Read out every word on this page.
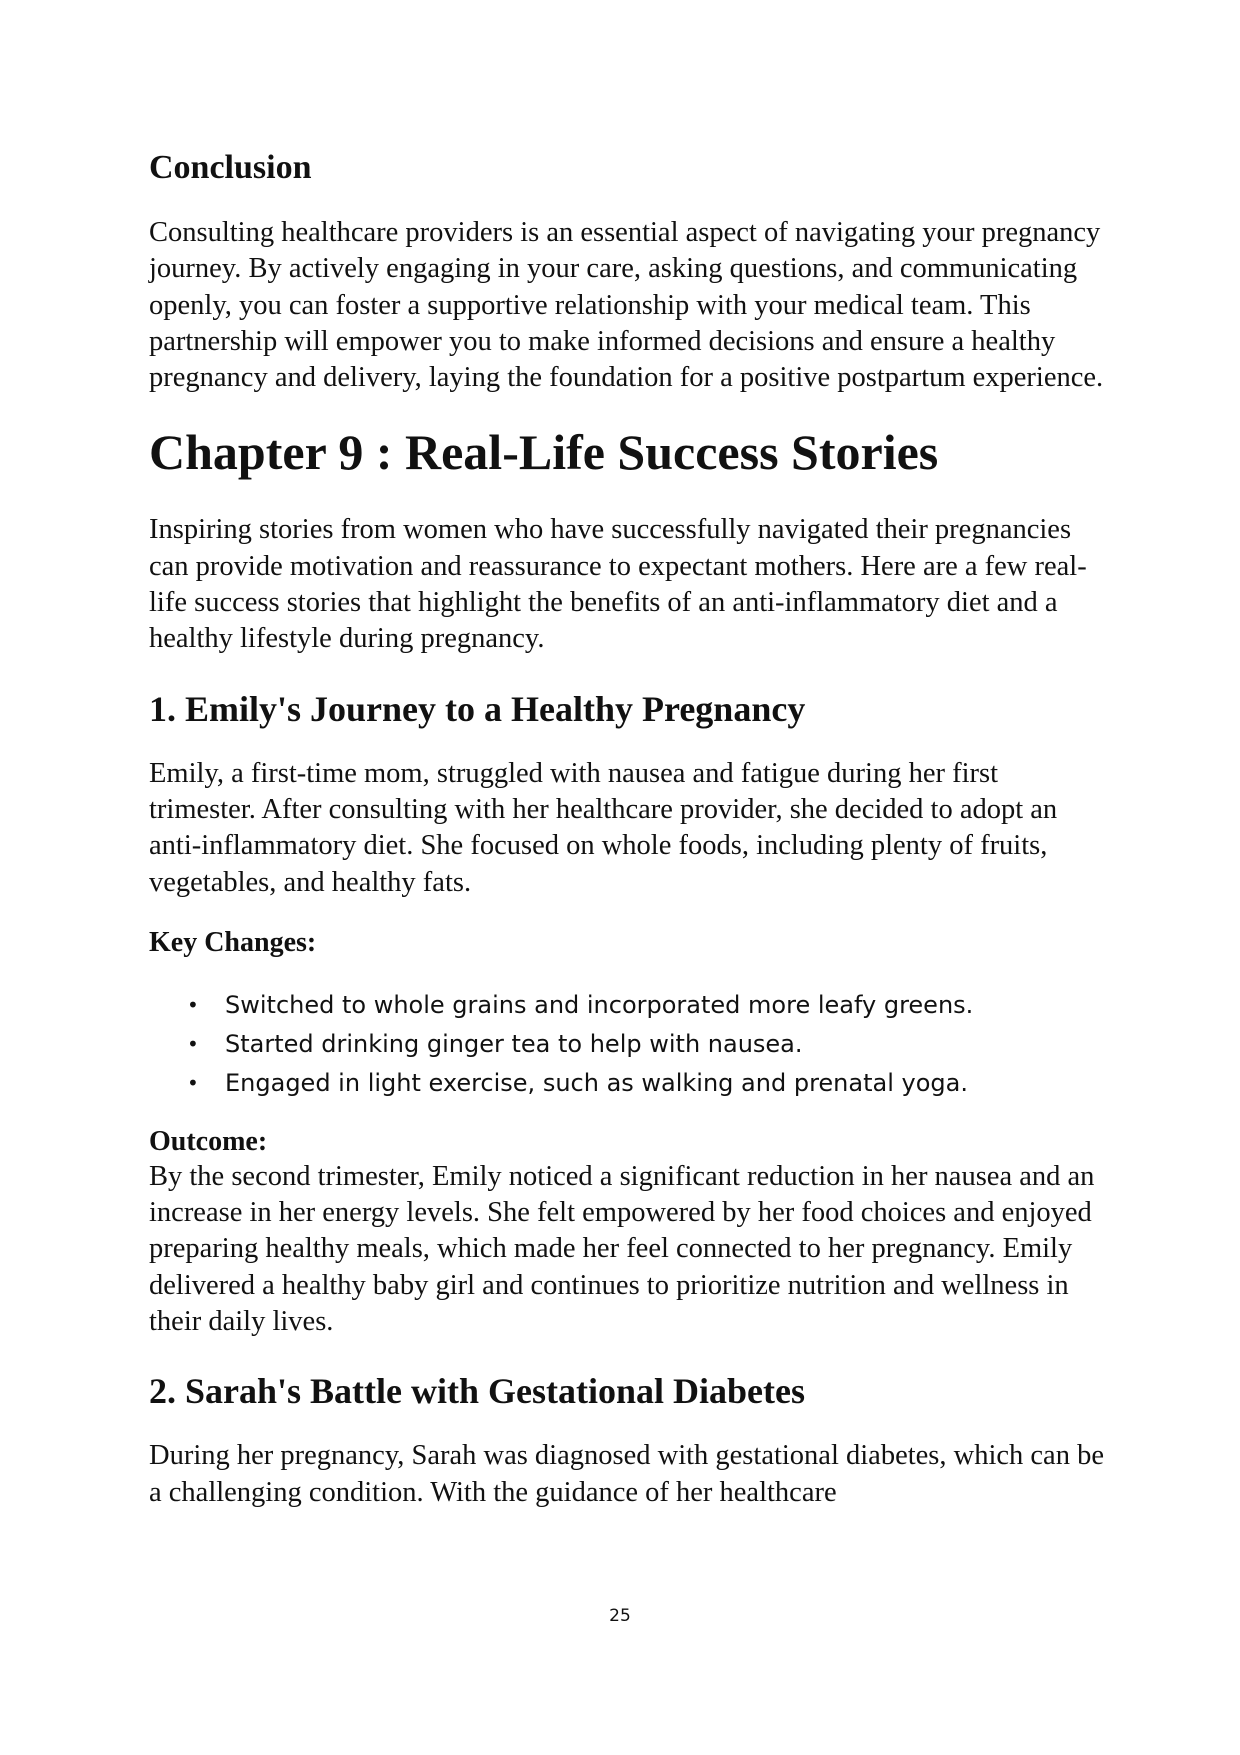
Conclusion

Consulting healthcare providers is an essential aspect of navigating your pregnancy journey. By actively engaging in your care, asking questions, and communicating openly, you can foster a supportive relationship with your medical team. This partnership will empower you to make informed decisions and ensure a healthy pregnancy and delivery, laying the foundation for a positive postpartum experience.

Chapter 9 : Real-Life Success Stories

Inspiring stories from women who have successfully navigated their pregnancies can provide motivation and reassurance to expectant mothers. Here are a few real-life success stories that highlight the benefits of an anti-inflammatory diet and a healthy lifestyle during pregnancy.

1. Emily's Journey to a Healthy Pregnancy

Emily, a first-time mom, struggled with nausea and fatigue during her first trimester. After consulting with her healthcare provider, she decided to adopt an anti-inflammatory diet. She focused on whole foods, including plenty of fruits, vegetables, and healthy fats.

Key Changes:
• Switched to whole grains and incorporated more leafy greens.
• Started drinking ginger tea to help with nausea.
• Engaged in light exercise, such as walking and prenatal yoga.
Outcome:

By the second trimester, Emily noticed a significant reduction in her nausea and an increase in her energy levels. She felt empowered by her food choices and enjoyed preparing healthy meals, which made her feel connected to her pregnancy. Emily delivered a healthy baby girl and continues to prioritize nutrition and wellness in their daily lives.

2. Sarah's Battle with Gestational Diabetes

During her pregnancy, Sarah was diagnosed with gestational diabetes, which can be a challenging condition. With the guidance of her healthcare

25
